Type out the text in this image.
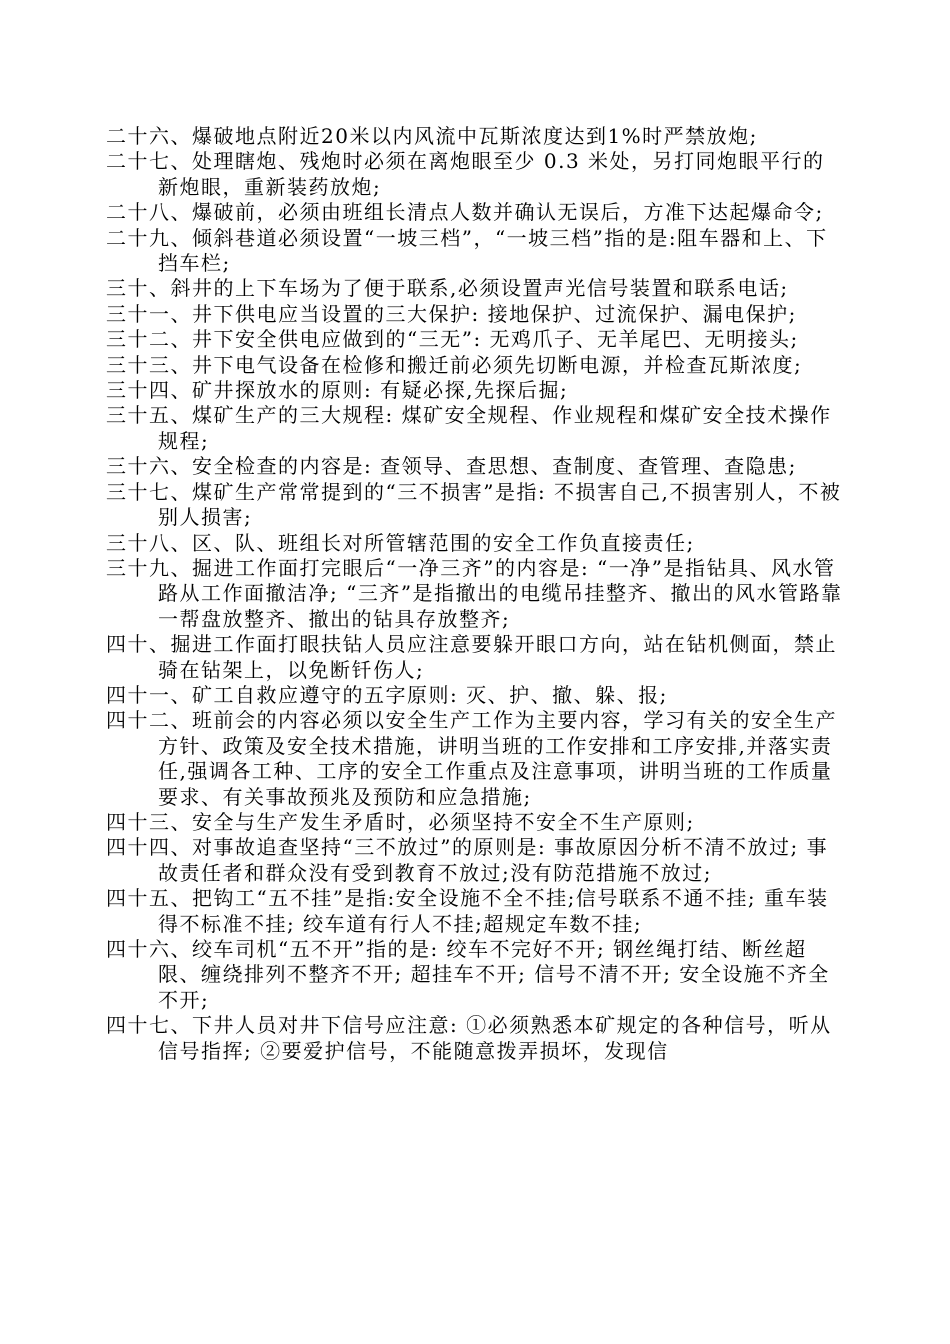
二十六、爆破地点附近20米以内风流中瓦斯浓度达到1%时严禁放炮;
二十七、处理瞎炮、残炮时必须在离炮眼至少 0.3 米处，另打同炮眼平行的新炮眼，重新装药放炮;
二十八、爆破前，必须由班组长清点人数并确认无误后，方准下达起爆命令;
二十九、倾斜巷道必须设置“一坡三档”，“一坡三档”指的是:阻车器和上、下挡车栏;
三十、斜井的上下车场为了便于联系,必须设置声光信号装置和联系电话;
三十一、井下供电应当设置的三大保护: 接地保护、过流保护、漏电保护;
三十二、井下安全供电应做到的“三无”: 无鸡爪子、无羊尾巴、无明接头;
三十三、井下电气设备在检修和搬迁前必须先切断电源，并检查瓦斯浓度;
三十四、矿井探放水的原则: 有疑必探,先探后掘;
三十五、煤矿生产的三大规程: 煤矿安全规程、作业规程和煤矿安全技术操作规程;
三十六、安全检查的内容是: 查领导、查思想、查制度、查管理、查隐患;
三十七、煤矿生产常常提到的“三不损害”是指: 不损害自己,不损害别人，不被别人损害;
三十八、区、队、班组长对所管辖范围的安全工作负直接责任;
三十九、掘进工作面打完眼后“一净三齐”的内容是: “一净”是指钻具、风水管路从工作面撤洁净; “三齐”是指撤出的电缆吊挂整齐、撤出的风水管路靠一帮盘放整齐、撤出的钻具存放整齐;
四十、掘进工作面打眼扶钻人员应注意要躲开眼口方向，站在钻机侧面，禁止骑在钻架上，以免断钎伤人;
四十一、矿工自救应遵守的五字原则: 灭、护、撤、躲、报;
四十二、班前会的内容必须以安全生产工作为主要内容，学习有关的安全生产方针、政策及安全技术措施，讲明当班的工作安排和工序安排,并落实责任,强调各工种、工序的安全工作重点及注意事项，讲明当班的工作质量要求、有关事故预兆及预防和应急措施;
四十三、安全与生产发生矛盾时，必须坚持不安全不生产原则;
四十四、对事故追查坚持“三不放过”的原则是: 事故原因分析不清不放过; 事故责任者和群众没有受到教育不放过;没有防范措施不放过;
四十五、把钩工“五不挂”是指:安全设施不全不挂;信号联系不通不挂; 重车装得不标准不挂; 绞车道有行人不挂;超规定车数不挂;
四十六、绞车司机“五不开”指的是: 绞车不完好不开; 钢丝绳打结、断丝超限、缠绕排列不整齐不开; 超挂车不开; 信号不清不开; 安全设施不齐全不开;
四十七、下井人员对井下信号应注意: ①必须熟悉本矿规定的各种信号，听从信号指挥; ②要爱护信号，不能随意拨弄损坏，发现信
